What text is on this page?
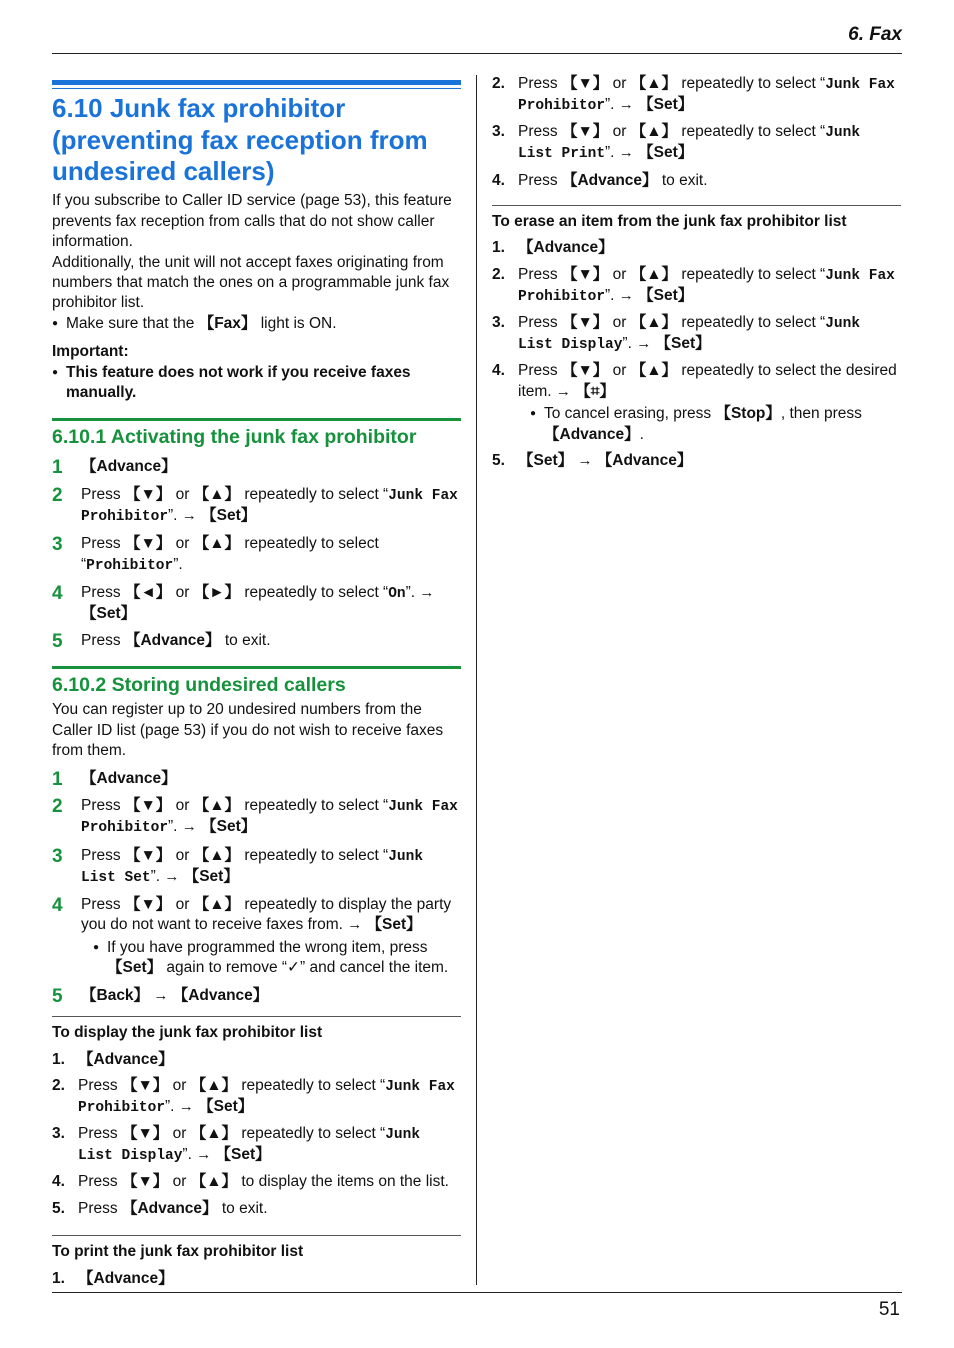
6. Fax
6.10 Junk fax prohibitor
(preventing fax reception from
undesired callers)

If you subscribe to Caller ID service (page 53), this feature prevents fax reception from calls that do not show caller information.

Additionally, the unit will not accept faxes originating from numbers that match the ones on a programmable junk fax prohibitor list.

● Make sure that the 【Fax】 light is ON.
Important:
● This feature does not work if you receive faxes manually.
6.10.1 Activating the junk fax prohibitor
1 【Advance】
2 Press 【▼】 or 【▲】 repeatedly to select “Junk Fax Prohibitor”. → 【Set】
3 Press 【▼】 or 【▲】 repeatedly to select “Prohibitor”.
4 Press 【◄】 or 【►】 repeatedly to select “On”. → 【Set】
5 Press 【Advance】 to exit.
6.10.2 Storing undesired callers

You can register up to 20 undesired numbers from the Caller ID list (page 53) if you do not wish to receive faxes from them.

1 【Advance】
2 Press 【▼】 or 【▲】 repeatedly to select “Junk Fax Prohibitor”. → 【Set】
3 Press 【▼】 or 【▲】 repeatedly to select “Junk List Set”. → 【Set】
4 Press 【▼】 or 【▲】 repeatedly to display the party you do not want to receive faxes from. → 【Set】
● If you have programmed the wrong item, press 【Set】 again to remove “✓” and cancel the item.
5 【Back】 → 【Advance】
To display the junk fax prohibitor list
1. 【Advance】
2. Press 【▼】 or 【▲】 repeatedly to select “Junk Fax Prohibitor”. → 【Set】
3. Press 【▼】 or 【▲】 repeatedly to select “Junk List Display”. → 【Set】
4. Press 【▼】 or 【▲】 to display the items on the list.
5. Press 【Advance】 to exit.
To print the junk fax prohibitor list
1. 【Advance】
2. Press 【▼】 or 【▲】 repeatedly to select “Junk Fax Prohibitor”. → 【Set】
3. Press 【▼】 or 【▲】 repeatedly to select “Junk List Print”. → 【Set】
4. Press 【Advance】 to exit.
To erase an item from the junk fax prohibitor list
1. 【Advance】
2. Press 【▼】 or 【▲】 repeatedly to select “Junk Fax Prohibitor”. → 【Set】
3. Press 【▼】 or 【▲】 repeatedly to select “Junk List Display”. → 【Set】
4. Press 【▼】 or 【▲】 repeatedly to select the desired item. → 【⌗】
● To cancel erasing, press 【Stop】, then press 【Advance】.
5. 【Set】 → 【Advance】
51
